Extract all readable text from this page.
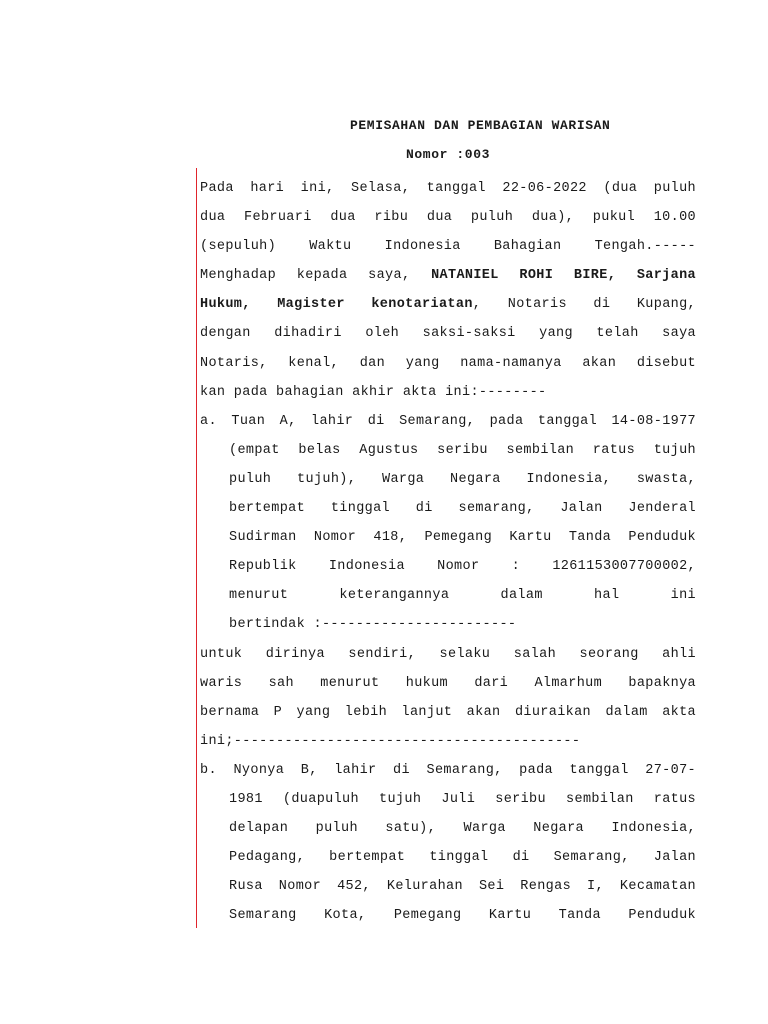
PEMISAHAN DAN PEMBAGIAN WARISAN

Nomor :003

Pada hari ini, Selasa, tanggal 22-06-2022 (dua puluh
dua Februari dua ribu dua puluh dua), pukul 10.00
(sepuluh) Waktu Indonesia Bahagian Tengah.-----
Menghadap kepada saya, NATANIEL ROHI BIRE, Sarjana
Hukum, Magister kenotariatan, Notaris di Kupang,
dengan dihadiri oleh saksi-saksi yang telah saya
Notaris, kenal, dan yang nama-namanya akan disebut
kan pada bahagian akhir akta ini:--------
a. Tuan A, lahir di Semarang, pada tanggal 14-08-1977
(empat belas Agustus seribu sembilan ratus tujuh
puluh tujuh), Warga Negara Indonesia, swasta,
bertempat tinggal di semarang, Jalan Jenderal
Sudirman Nomor 418, Pemegang Kartu Tanda Penduduk
Republik Indonesia Nomor : 1261153007700002,
menurut keterangannya dalam hal ini
bertindak :-----------------------
untuk dirinya sendiri, selaku salah seorang ahli
waris sah menurut hukum dari Almarhum bapaknya
bernama P yang lebih lanjut akan diuraikan dalam akta
ini;-----------------------------------------
b. Nyonya B, lahir di Semarang, pada tanggal 27-07-
1981 (duapuluh tujuh Juli seribu sembilan ratus
delapan puluh satu), Warga Negara Indonesia,
Pedagang, bertempat tinggal di Semarang, Jalan
Rusa Nomor 452, Kelurahan Sei Rengas I, Kecamatan
Semarang Kota, Pemegang Kartu Tanda Penduduk
